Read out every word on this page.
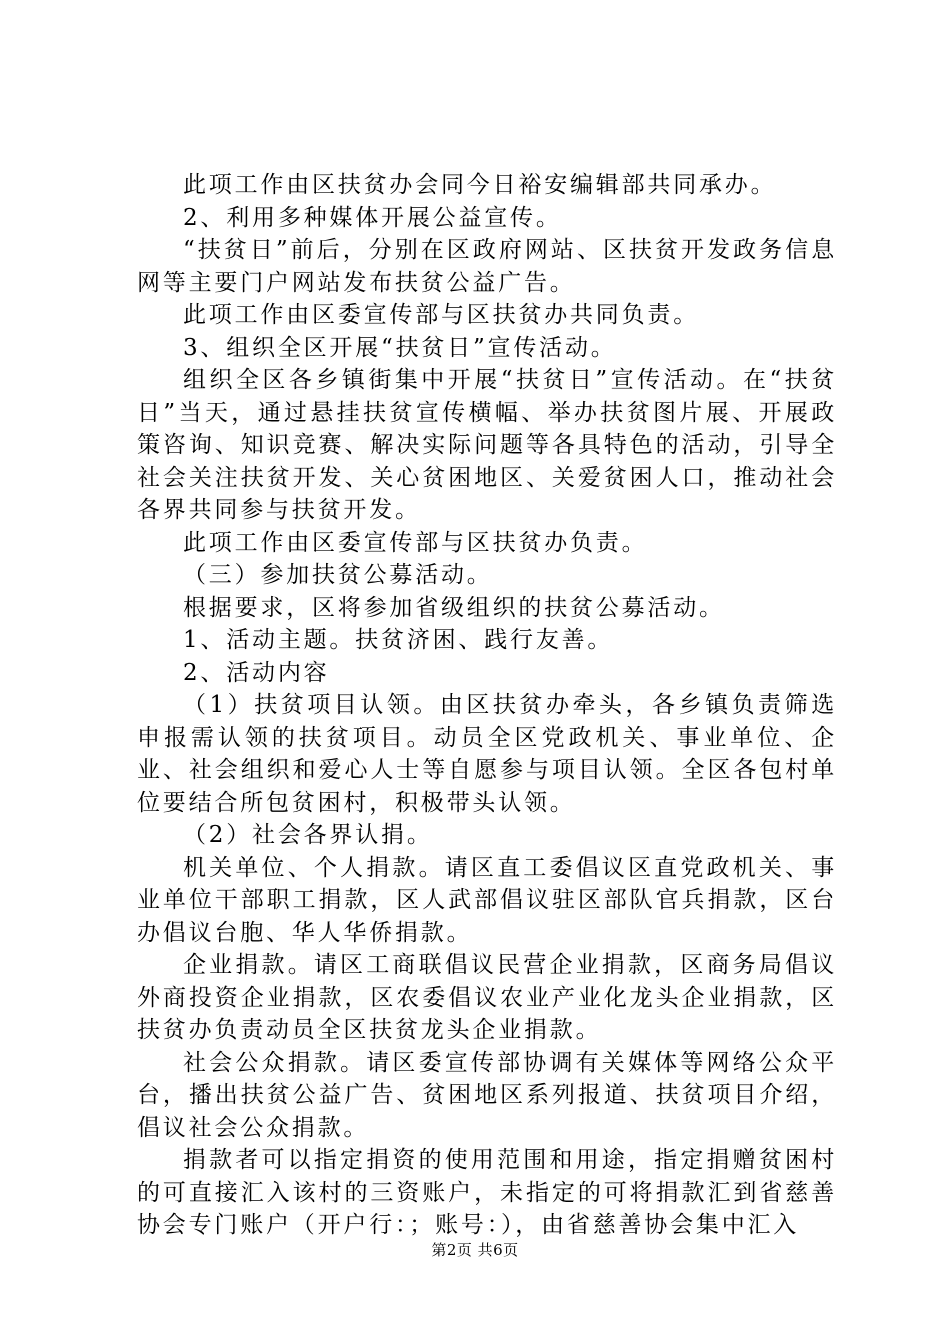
此项工作由区扶贫办会同今日裕安编辑部共同承办。

2、利用多种媒体开展公益宣传。

“扶贫日”前后，分别在区政府网站、区扶贫开发政务信息网等主要门户网站发布扶贫公益广告。

此项工作由区委宣传部与区扶贫办共同负责。

3、组织全区开展“扶贫日”宣传活动。

组织全区各乡镇街集中开展“扶贫日”宣传活动。在“扶贫日”当天，通过悬挂扶贫宣传横幅、举办扶贫图片展、开展政策咨询、知识竞赛、解决实际问题等各具特色的活动，引导全社会关注扶贫开发、关心贫困地区、关爱贫困人口，推动社会各界共同参与扶贫开发。

此项工作由区委宣传部与区扶贫办负责。

（三）参加扶贫公募活动。

根据要求，区将参加省级组织的扶贫公募活动。

1、活动主题。扶贫济困、践行友善。

2、活动内容

（1）扶贫项目认领。由区扶贫办牵头，各乡镇负责筛选申报需认领的扶贫项目。动员全区党政机关、事业单位、企业、社会组织和爱心人士等自愿参与项目认领。全区各包村单位要结合所包贫困村，积极带头认领。

（2）社会各界认捐。

机关单位、个人捐款。请区直工委倡议区直党政机关、事业单位干部职工捐款，区人武部倡议驻区部队官兵捐款，区台办倡议台胞、华人华侨捐款。

企业捐款。请区工商联倡议民营企业捐款，区商务局倡议外商投资企业捐款，区农委倡议农业产业化龙头企业捐款，区扶贫办负责动员全区扶贫龙头企业捐款。

社会公众捐款。请区委宣传部协调有关媒体等网络公众平台，播出扶贫公益广告、贫困地区系列报道、扶贫项目介绍，倡议社会公众捐款。

捐款者可以指定捐资的使用范围和用途，指定捐赠贫困村的可直接汇入该村的三资账户，未指定的可将捐款汇到省慈善协会专门账户（开户行：；账号：），由省慈善协会集中汇入

第2页 共6页
